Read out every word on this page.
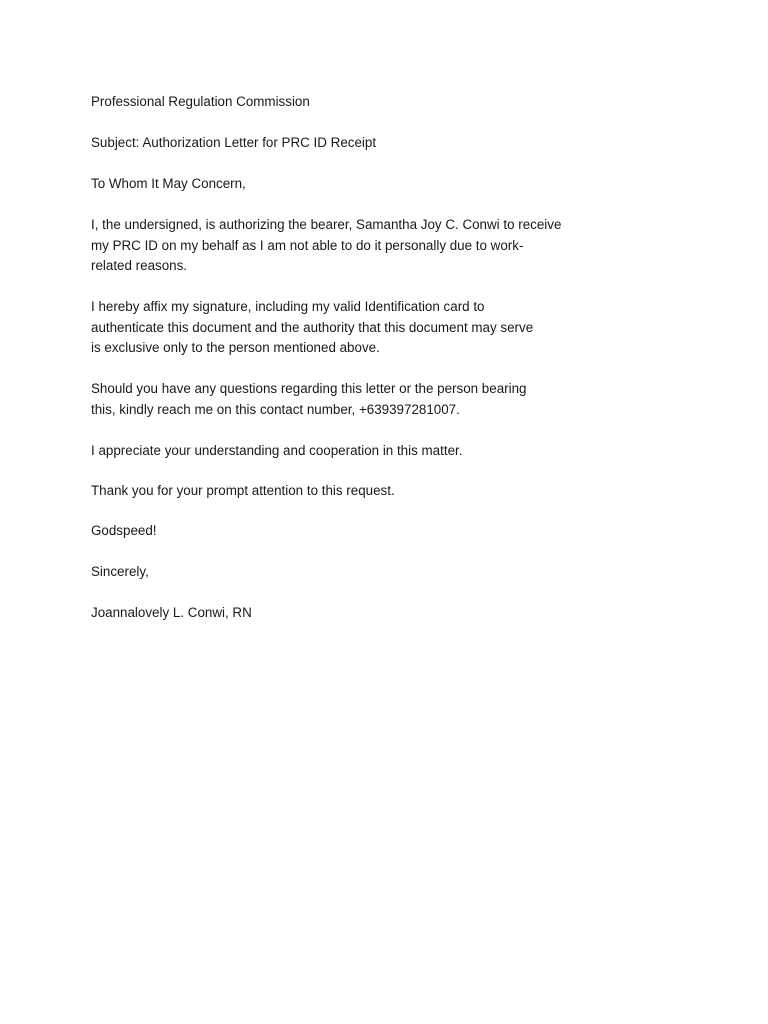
Professional Regulation Commission

Subject: Authorization Letter for PRC ID Receipt

To Whom It May Concern,

I, the undersigned, is authorizing the bearer, Samantha Joy C. Conwi to receive
my PRC ID on my behalf as I am not able to do it personally due to work-
related reasons.

I hereby affix my signature, including my valid Identification card to
authenticate this document and the authority that this document may serve
is exclusive only to the person mentioned above.

Should you have any questions regarding this letter or the person bearing
this, kindly reach me on this contact number, +639397281007.

I appreciate your understanding and cooperation in this matter.

Thank you for your prompt attention to this request.

Godspeed!

Sincerely,

Joannalovely L. Conwi, RN
